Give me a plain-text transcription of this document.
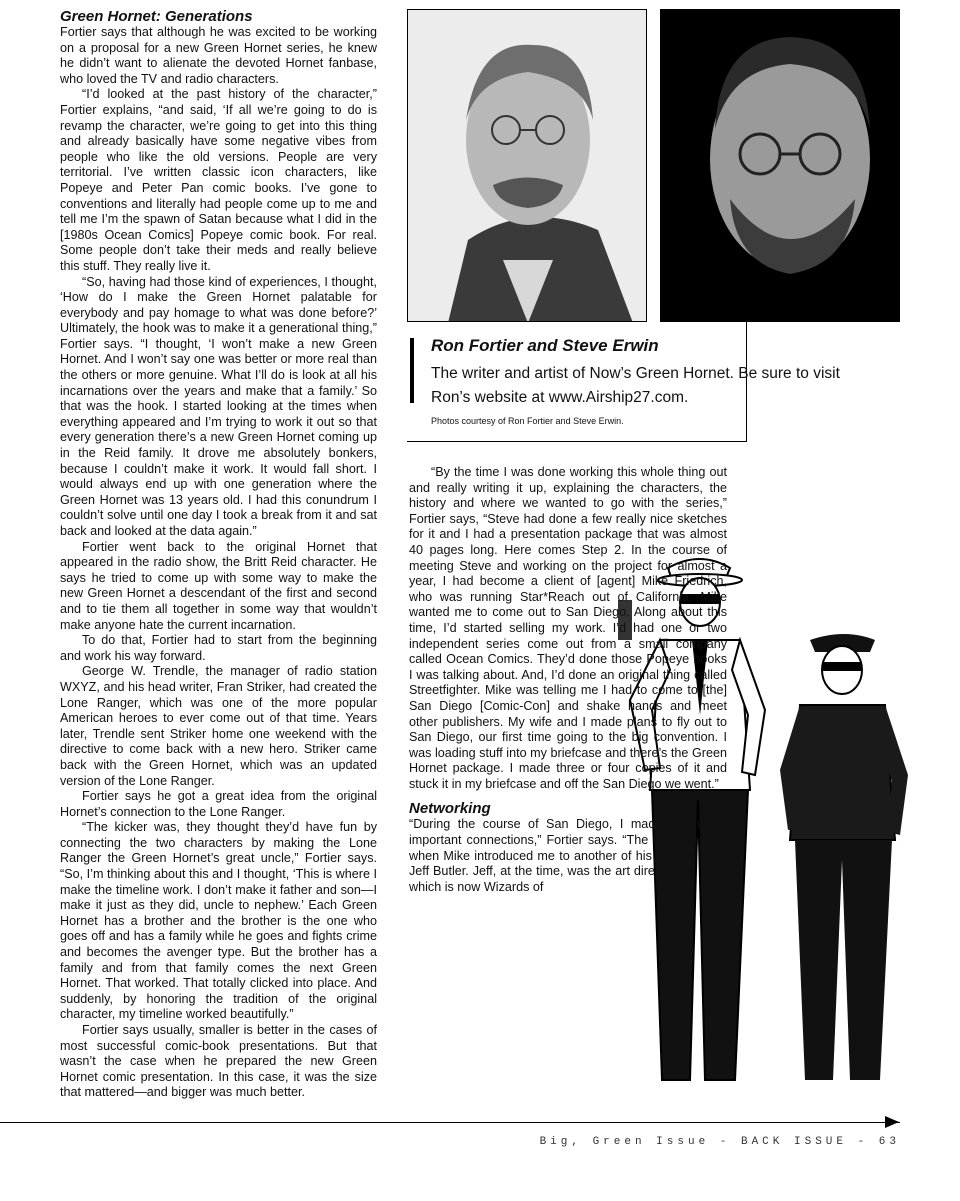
Green Hornet: Generations

Fortier says that although he was excited to be working on a proposal for a new Green Hornet series, he knew he didn’t want to alienate the devoted Hornet fanbase, who loved the TV and radio characters.

“I’d looked at the past history of the character,” Fortier explains, “and said, ‘If all we’re going to do is revamp the character, we’re going to get into this thing and already basically have some negative vibes from people who like the old versions. People are very territorial. I’ve written classic icon characters, like Popeye and Peter Pan comic books. I’ve gone to conventions and literally had people come up to me and tell me I’m the spawn of Satan because what I did in the [1980s Ocean Comics] Popeye comic book. For real. Some people don’t take their meds and really believe this stuff. They really live it.

“So, having had those kind of experiences, I thought, ‘How do I make the Green Hornet palatable for everybody and pay homage to what was done before?’ Ultimately, the hook was to make it a generational thing,” Fortier says. “I thought, ‘I won’t make a new Green Hornet. And I won’t say one was better or more real than the others or more genuine. What I’ll do is look at all his incarnations over the years and make that a family.’ So that was the hook. I started looking at the times when everything appeared and I’m trying to work it out so that every generation there’s a new Green Hornet coming up in the Reid family. It drove me absolutely bonkers, because I couldn’t make it work. It would fall short. I would always end up with one generation where the Green Hornet was 13 years old. I had this conundrum I couldn’t solve until one day I took a break from it and sat back and looked at the data again.”

Fortier went back to the original Hornet that appeared in the radio show, the Britt Reid character. He says he tried to come up with some way to make the new Green Hornet a descendant of the first and second and to tie them all together in some way that wouldn’t make anyone hate the current incarnation.

To do that, Fortier had to start from the beginning and work his way forward.

George W. Trendle, the manager of radio station WXYZ, and his head writer, Fran Striker, had created the Lone Ranger, which was one of the more popular American heroes to ever come out of that time. Years later, Trendle sent Striker home one weekend with the directive to come back with a new hero. Striker came back with the Green Hornet, which was an updated version of the Lone Ranger.

Fortier says he got a great idea from the original Hornet’s connection to the Lone Ranger.

“The kicker was, they thought they’d have fun by connecting the two characters by making the Lone Ranger the Green Hornet’s great uncle,” Fortier says. “So, I’m thinking about this and I thought, ‘This is where I make the timeline work. I don’t make it father and son—I make it just as they did, uncle to nephew.’ Each Green Hornet has a brother and the brother is the one who goes off and has a family while he goes and fights crime and becomes the avenger type. But the brother has a family and from that family comes the next Green Hornet. That worked. That totally clicked into place. And suddenly, by honoring the tradition of the original character, my timeline worked beautifully.”

Fortier says usually, smaller is better in the cases of most successful comic-book presentations. But that wasn’t the case when he prepared the new Green Hornet comic presentation. In this case, it was the size that mattered—and bigger was much better.

Ron Fortier and Steve Erwin
The writer and artist of Now’s Green Hornet. Be sure to visit
Ron’s website at www.Airship27.com.
Photos courtesy of Ron Fortier and Steve Erwin.

“By the time I was done working this whole thing out and really writing it up, explaining the characters, the history and where we wanted to go with the series,” Fortier says, “Steve had done a few really nice sketches for it and I had a presentation package that was almost 40 pages long. Here comes Step 2. In the course of meeting Steve and working on the project for almost a year, I had become a client of [agent] Mike Friedrich, who was running Star*Reach out of California. Mike wanted me to come out to San Diego. Along about this time, I’d started selling my work. I’d had one or two independent series come out from a small company called Ocean Comics. They’d done those Popeye books I was talking about. And, I’d done an original thing called Streetfighter. Mike was telling me I had to come to [the] San Diego [Comic-Con] and shake hands and meet other publishers. My wife and I made plans to fly out to San Diego, our first time going to the big convention. I was loading stuff into my briefcase and there’s the Green Hornet package. I made three or four copies of it and stuck it in my briefcase and off the San Diego we went.”

Networking

“During the course of San Diego, I made two really important connections,” Fortier says. “The first one was when Mike introduced me to another of his clients, artist Jeff Butler. Jeff, at the time, was the art director for TSR, which is now Wizards of

Big, Green Issue - BACK ISSUE - 63
